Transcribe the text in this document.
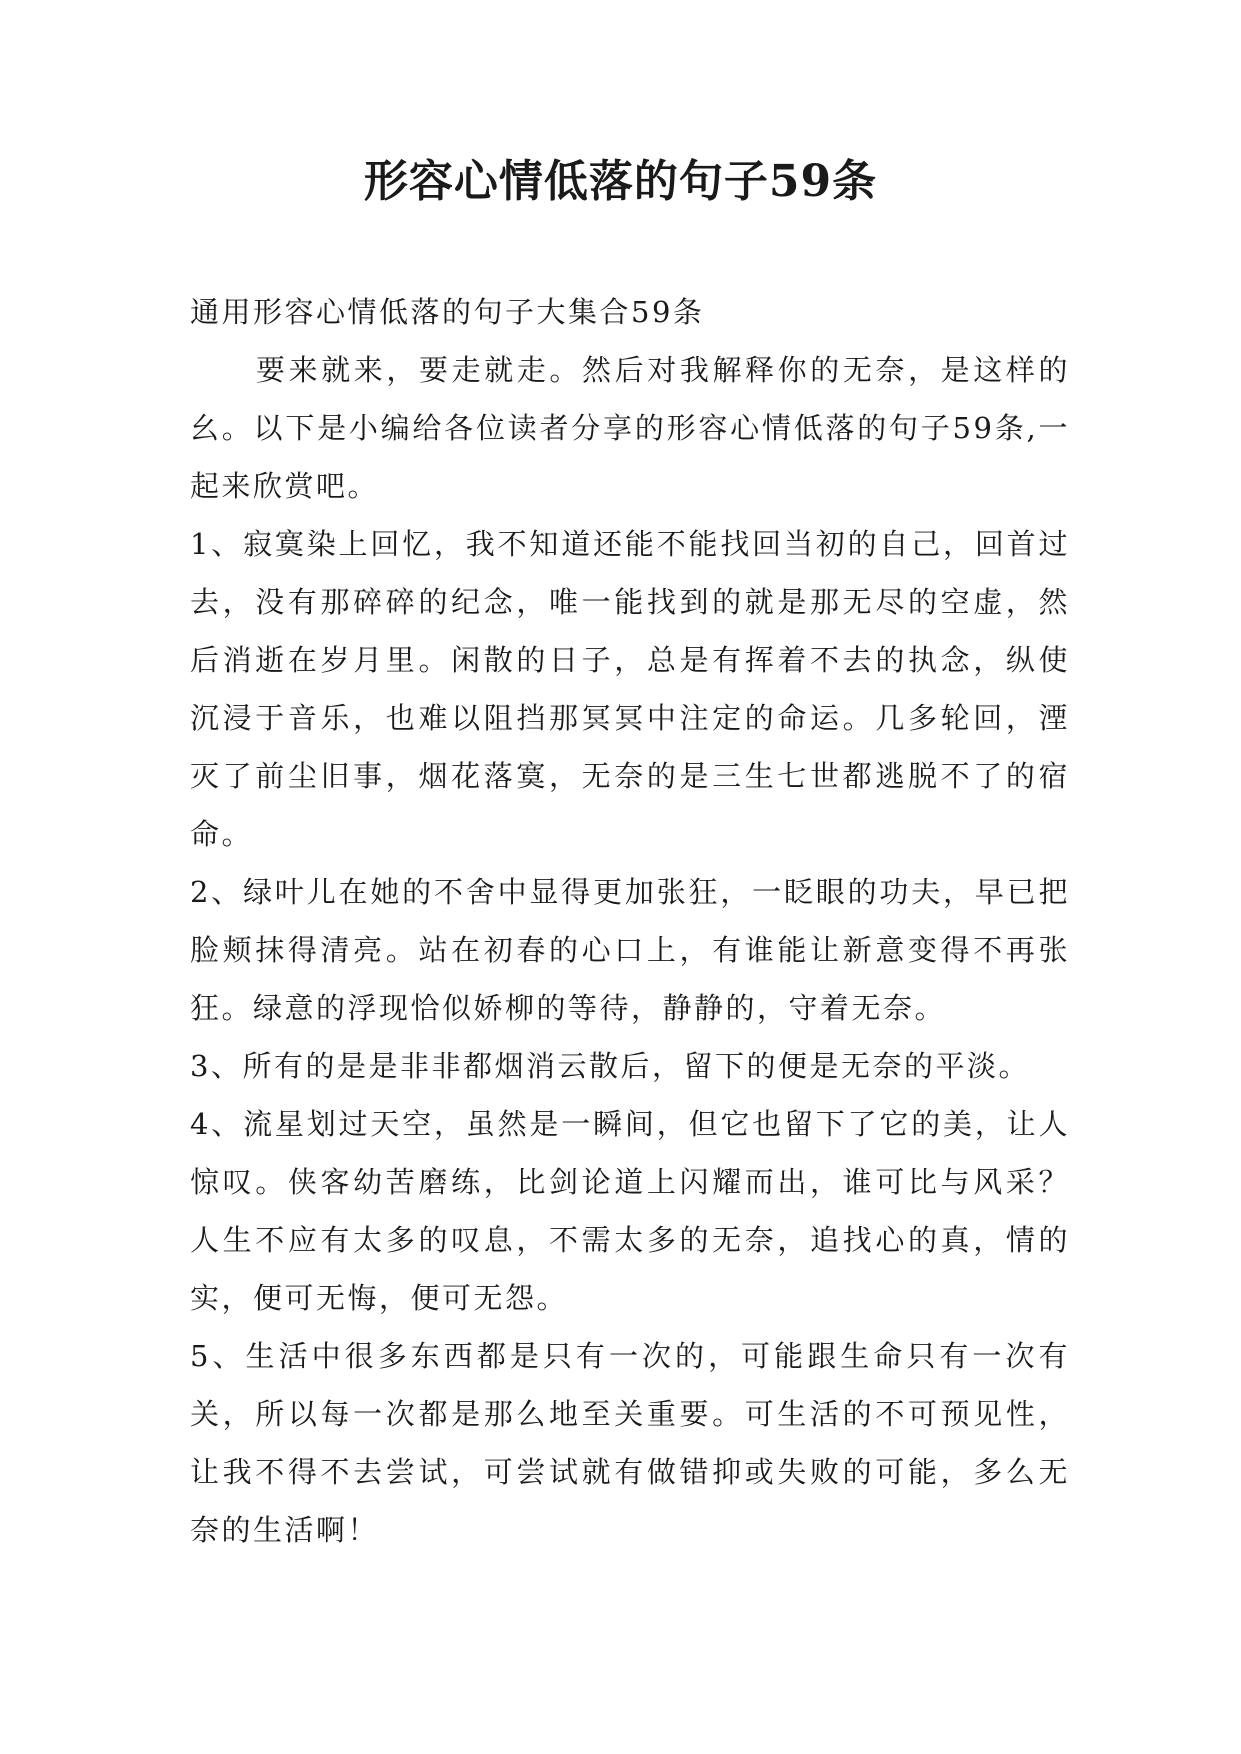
形容心情低落的句子59条

通用形容心情低落的句子大集合59条

要来就来，要走就走。然后对我解释你的无奈，是这样的幺。以下是小编给各位读者分享的形容心情低落的句子59条,一起来欣赏吧。

1、寂寞染上回忆，我不知道还能不能找回当初的自己，回首过去，没有那碎碎的纪念，唯一能找到的就是那无尽的空虚，然后消逝在岁月里。闲散的日子，总是有挥着不去的执念，纵使沉浸于音乐，也难以阻挡那冥冥中注定的命运。几多轮回，湮灭了前尘旧事，烟花落寞，无奈的是三生七世都逃脱不了的宿命。

2、绿叶儿在她的不舍中显得更加张狂，一眨眼的功夫，早已把脸颊抹得清亮。站在初春的心口上，有谁能让新意变得不再张狂。绿意的浮现恰似娇柳的等待，静静的，守着无奈。

3、所有的是是非非都烟消云散后，留下的便是无奈的平淡。

4、流星划过天空，虽然是一瞬间，但它也留下了它的美，让人惊叹。侠客幼苦磨练，比剑论道上闪耀而出，谁可比与风采？人生不应有太多的叹息，不需太多的无奈，追找心的真，情的实，便可无悔，便可无怨。

5、生活中很多东西都是只有一次的，可能跟生命只有一次有关，所以每一次都是那么地至关重要。可生活的不可预见性，让我不得不去尝试，可尝试就有做错抑或失败的可能，多么无奈的生活啊！
